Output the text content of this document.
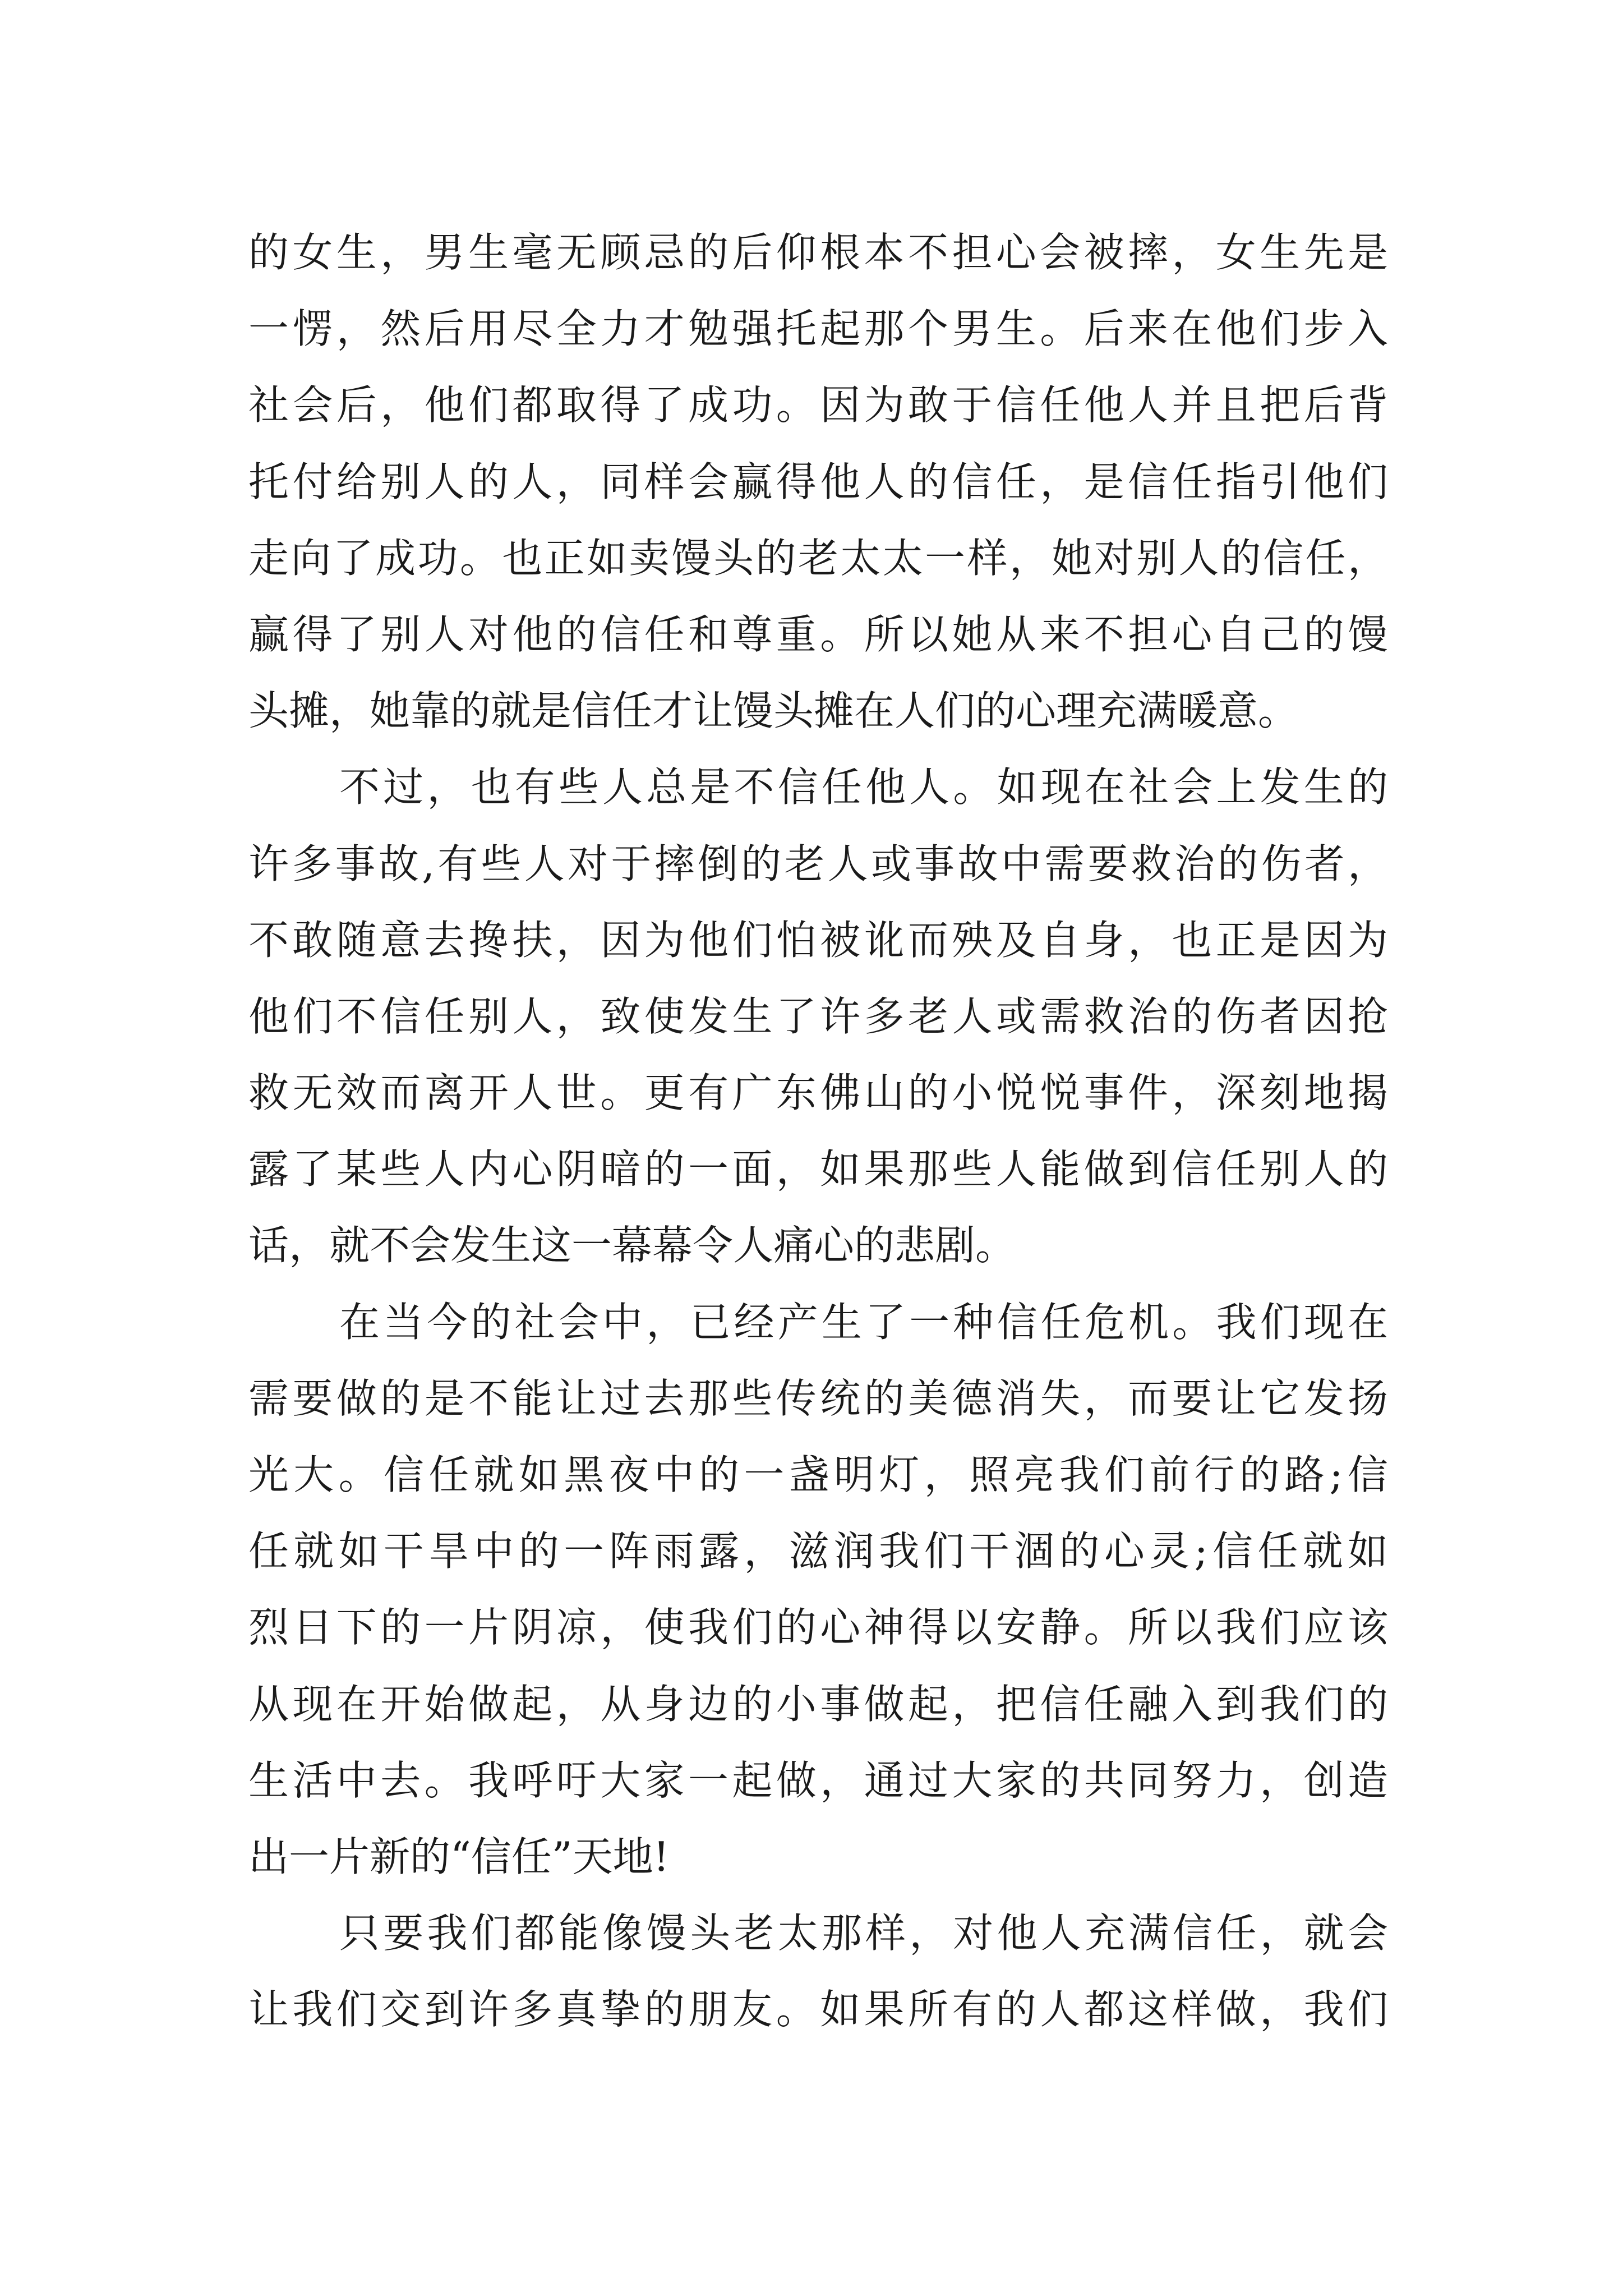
的女生，男生毫无顾忌的后仰根本不担心会被摔，女生先是
一愣，然后用尽全力才勉强托起那个男生。后来在他们步入
社会后，他们都取得了成功。因为敢于信任他人并且把后背
托付给别人的人，同样会赢得他人的信任，是信任指引他们
走向了成功。也正如卖馒头的老太太一样，她对别人的信任，
赢得了别人对他的信任和尊重。所以她从来不担心自己的馒
头摊，她靠的就是信任才让馒头摊在人们的心理充满暖意。
不过，也有些人总是不信任他人。如现在社会上发生的
许多事故,有些人对于摔倒的老人或事故中需要救治的伤者，
不敢随意去搀扶，因为他们怕被讹而殃及自身，也正是因为
他们不信任别人，致使发生了许多老人或需救治的伤者因抢
救无效而离开人世。更有广东佛山的小悦悦事件，深刻地揭
露了某些人内心阴暗的一面，如果那些人能做到信任别人的
话，就不会发生这一幕幕令人痛心的悲剧。
在当今的社会中，已经产生了一种信任危机。我们现在
需要做的是不能让过去那些传统的美德消失，而要让它发扬
光大。信任就如黑夜中的一盏明灯，照亮我们前行的路;信
任就如干旱中的一阵雨露，滋润我们干涸的心灵;信任就如
烈日下的一片阴凉，使我们的心神得以安静。所以我们应该
从现在开始做起，从身边的小事做起，把信任融入到我们的
生活中去。我呼吁大家一起做，通过大家的共同努力，创造
出一片新的“信任”天地!
只要我们都能像馒头老太那样，对他人充满信任，就会
让我们交到许多真挚的朋友。如果所有的人都这样做，我们
